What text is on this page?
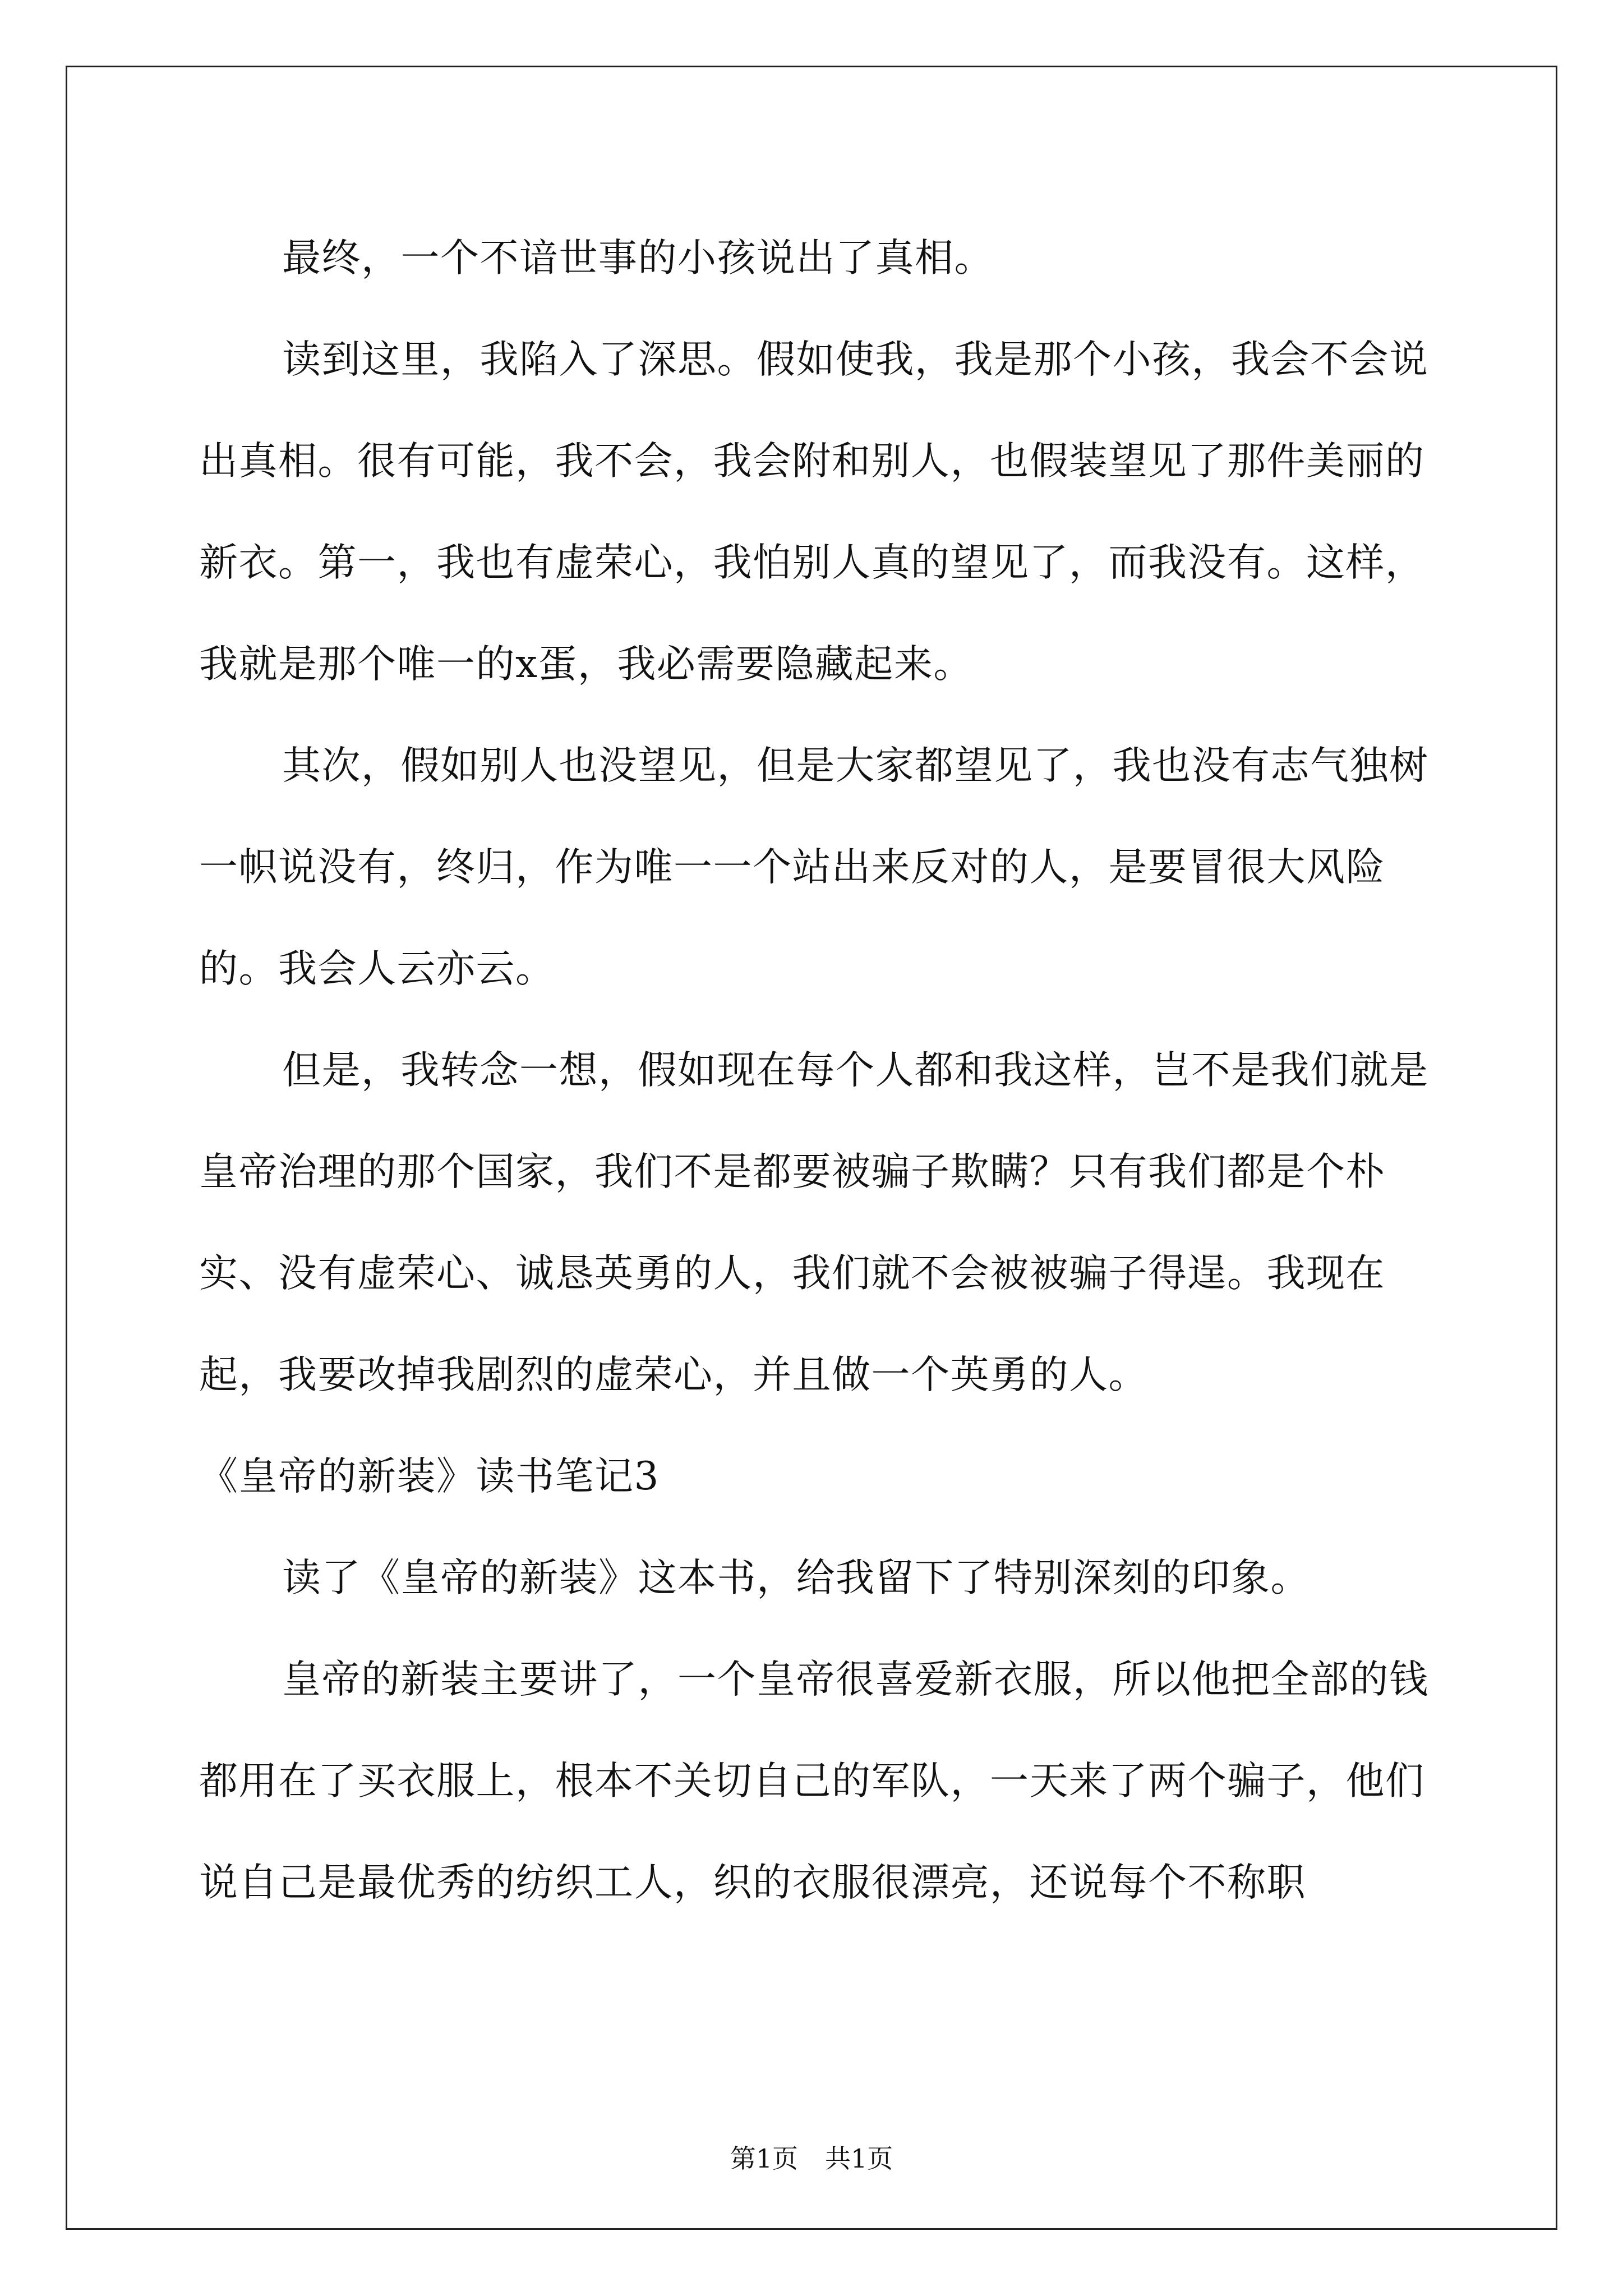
最终，一个不谙世事的小孩说出了真相。

读到这里，我陷入了深思。假如使我，我是那个小孩，我会不会说出真相。很有可能，我不会，我会附和别人，也假装望见了那件美丽的新衣。第一，我也有虚荣心，我怕别人真的望见了，而我没有。这样，我就是那个唯一的x蛋，我必需要隐藏起来。

其次，假如别人也没望见，但是大家都望见了，我也没有志气独树一帜说没有，终归，作为唯一一个站出来反对的人，是要冒很大风险的。我会人云亦云。

但是，我转念一想，假如现在每个人都和我这样，岂不是我们就是皇帝治理的那个国家，我们不是都要被骗子欺瞒？只有我们都是个朴实、没有虚荣心、诚恳英勇的人，我们就不会被被骗子得逞。我现在起，我要改掉我剧烈的虚荣心，并且做一个英勇的人。

《皇帝的新装》读书笔记3

读了《皇帝的新装》这本书，给我留下了特别深刻的印象。

皇帝的新装主要讲了，一个皇帝很喜爱新衣服，所以他把全部的钱都用在了买衣服上，根本不关切自己的军队，一天来了两个骗子，他们说自己是最优秀的纺织工人，织的衣服很漂亮，还说每个不称职

第1页 共1页
